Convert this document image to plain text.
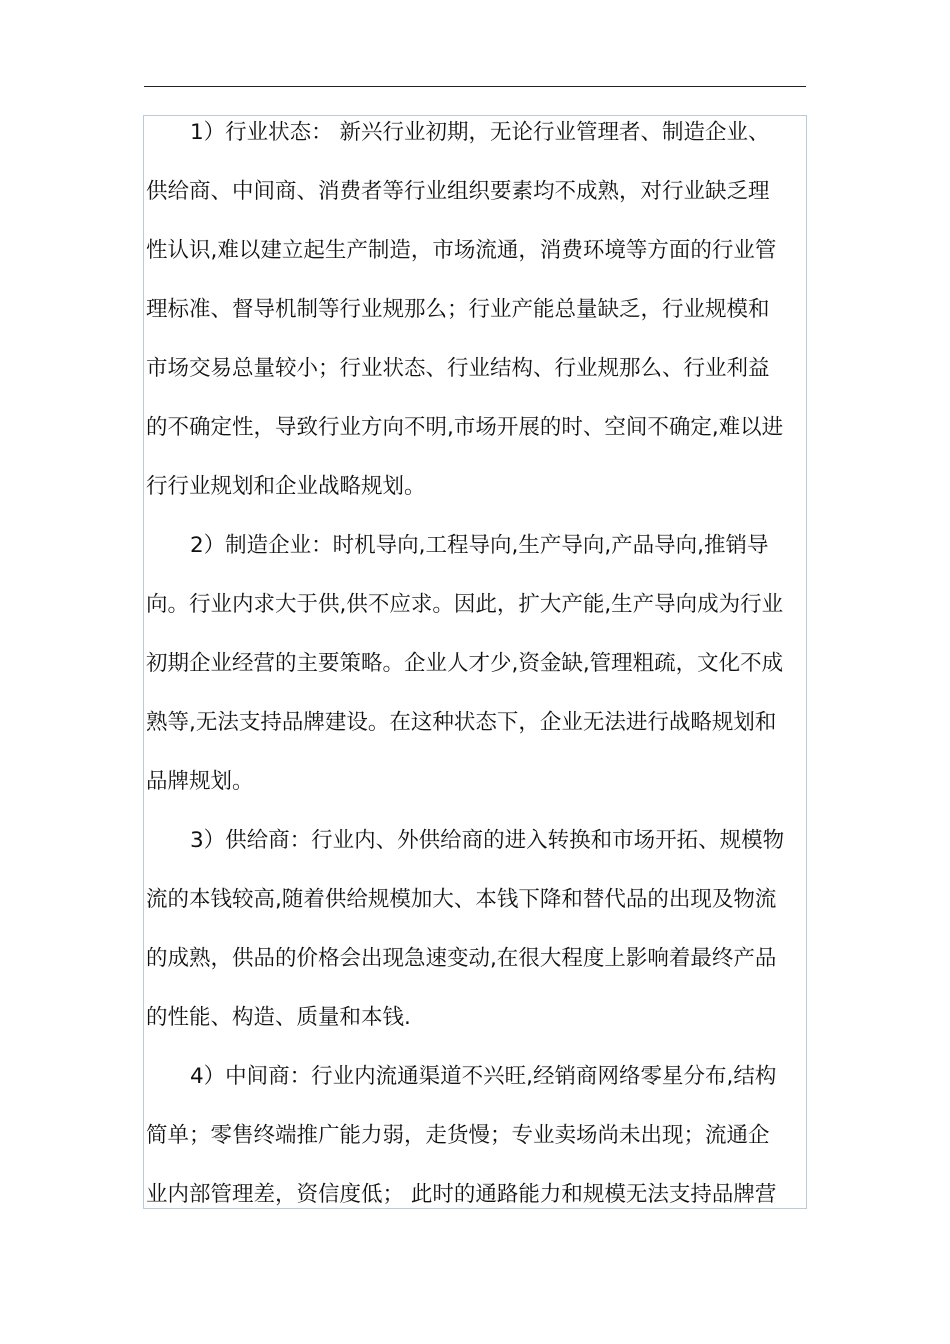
1）行业状态： 新兴行业初期，无论行业管理者、制造企业、
供给商、中间商、消费者等行业组织要素均不成熟，对行业缺乏理
性认识,难以建立起生产制造，市场流通，消费环境等方面的行业管
理标准、督导机制等行业规那么；行业产能总量缺乏，行业规模和
市场交易总量较小；行业状态、行业结构、行业规那么、行业利益
的不确定性，导致行业方向不明,市场开展的时、空间不确定,难以进
行行业规划和企业战略规划。
2）制造企业：时机导向,工程导向,生产导向,产品导向,推销导
向。行业内求大于供,供不应求。因此，扩大产能,生产导向成为行业
初期企业经营的主要策略。企业人才少,资金缺,管理粗疏，文化不成
熟等,无法支持品牌建设。在这种状态下，企业无法进行战略规划和
品牌规划。
3）供给商：行业内、外供给商的进入转换和市场开拓、规模物
流的本钱较高,随着供给规模加大、本钱下降和替代品的出现及物流
的成熟，供品的价格会出现急速变动,在很大程度上影响着最终产品
的性能、构造、质量和本钱.
4）中间商：行业内流通渠道不兴旺,经销商网络零星分布,结构
简单；零售终端推广能力弱，走货慢；专业卖场尚未出现；流通企
业内部管理差，资信度低； 此时的通路能力和规模无法支持品牌营
